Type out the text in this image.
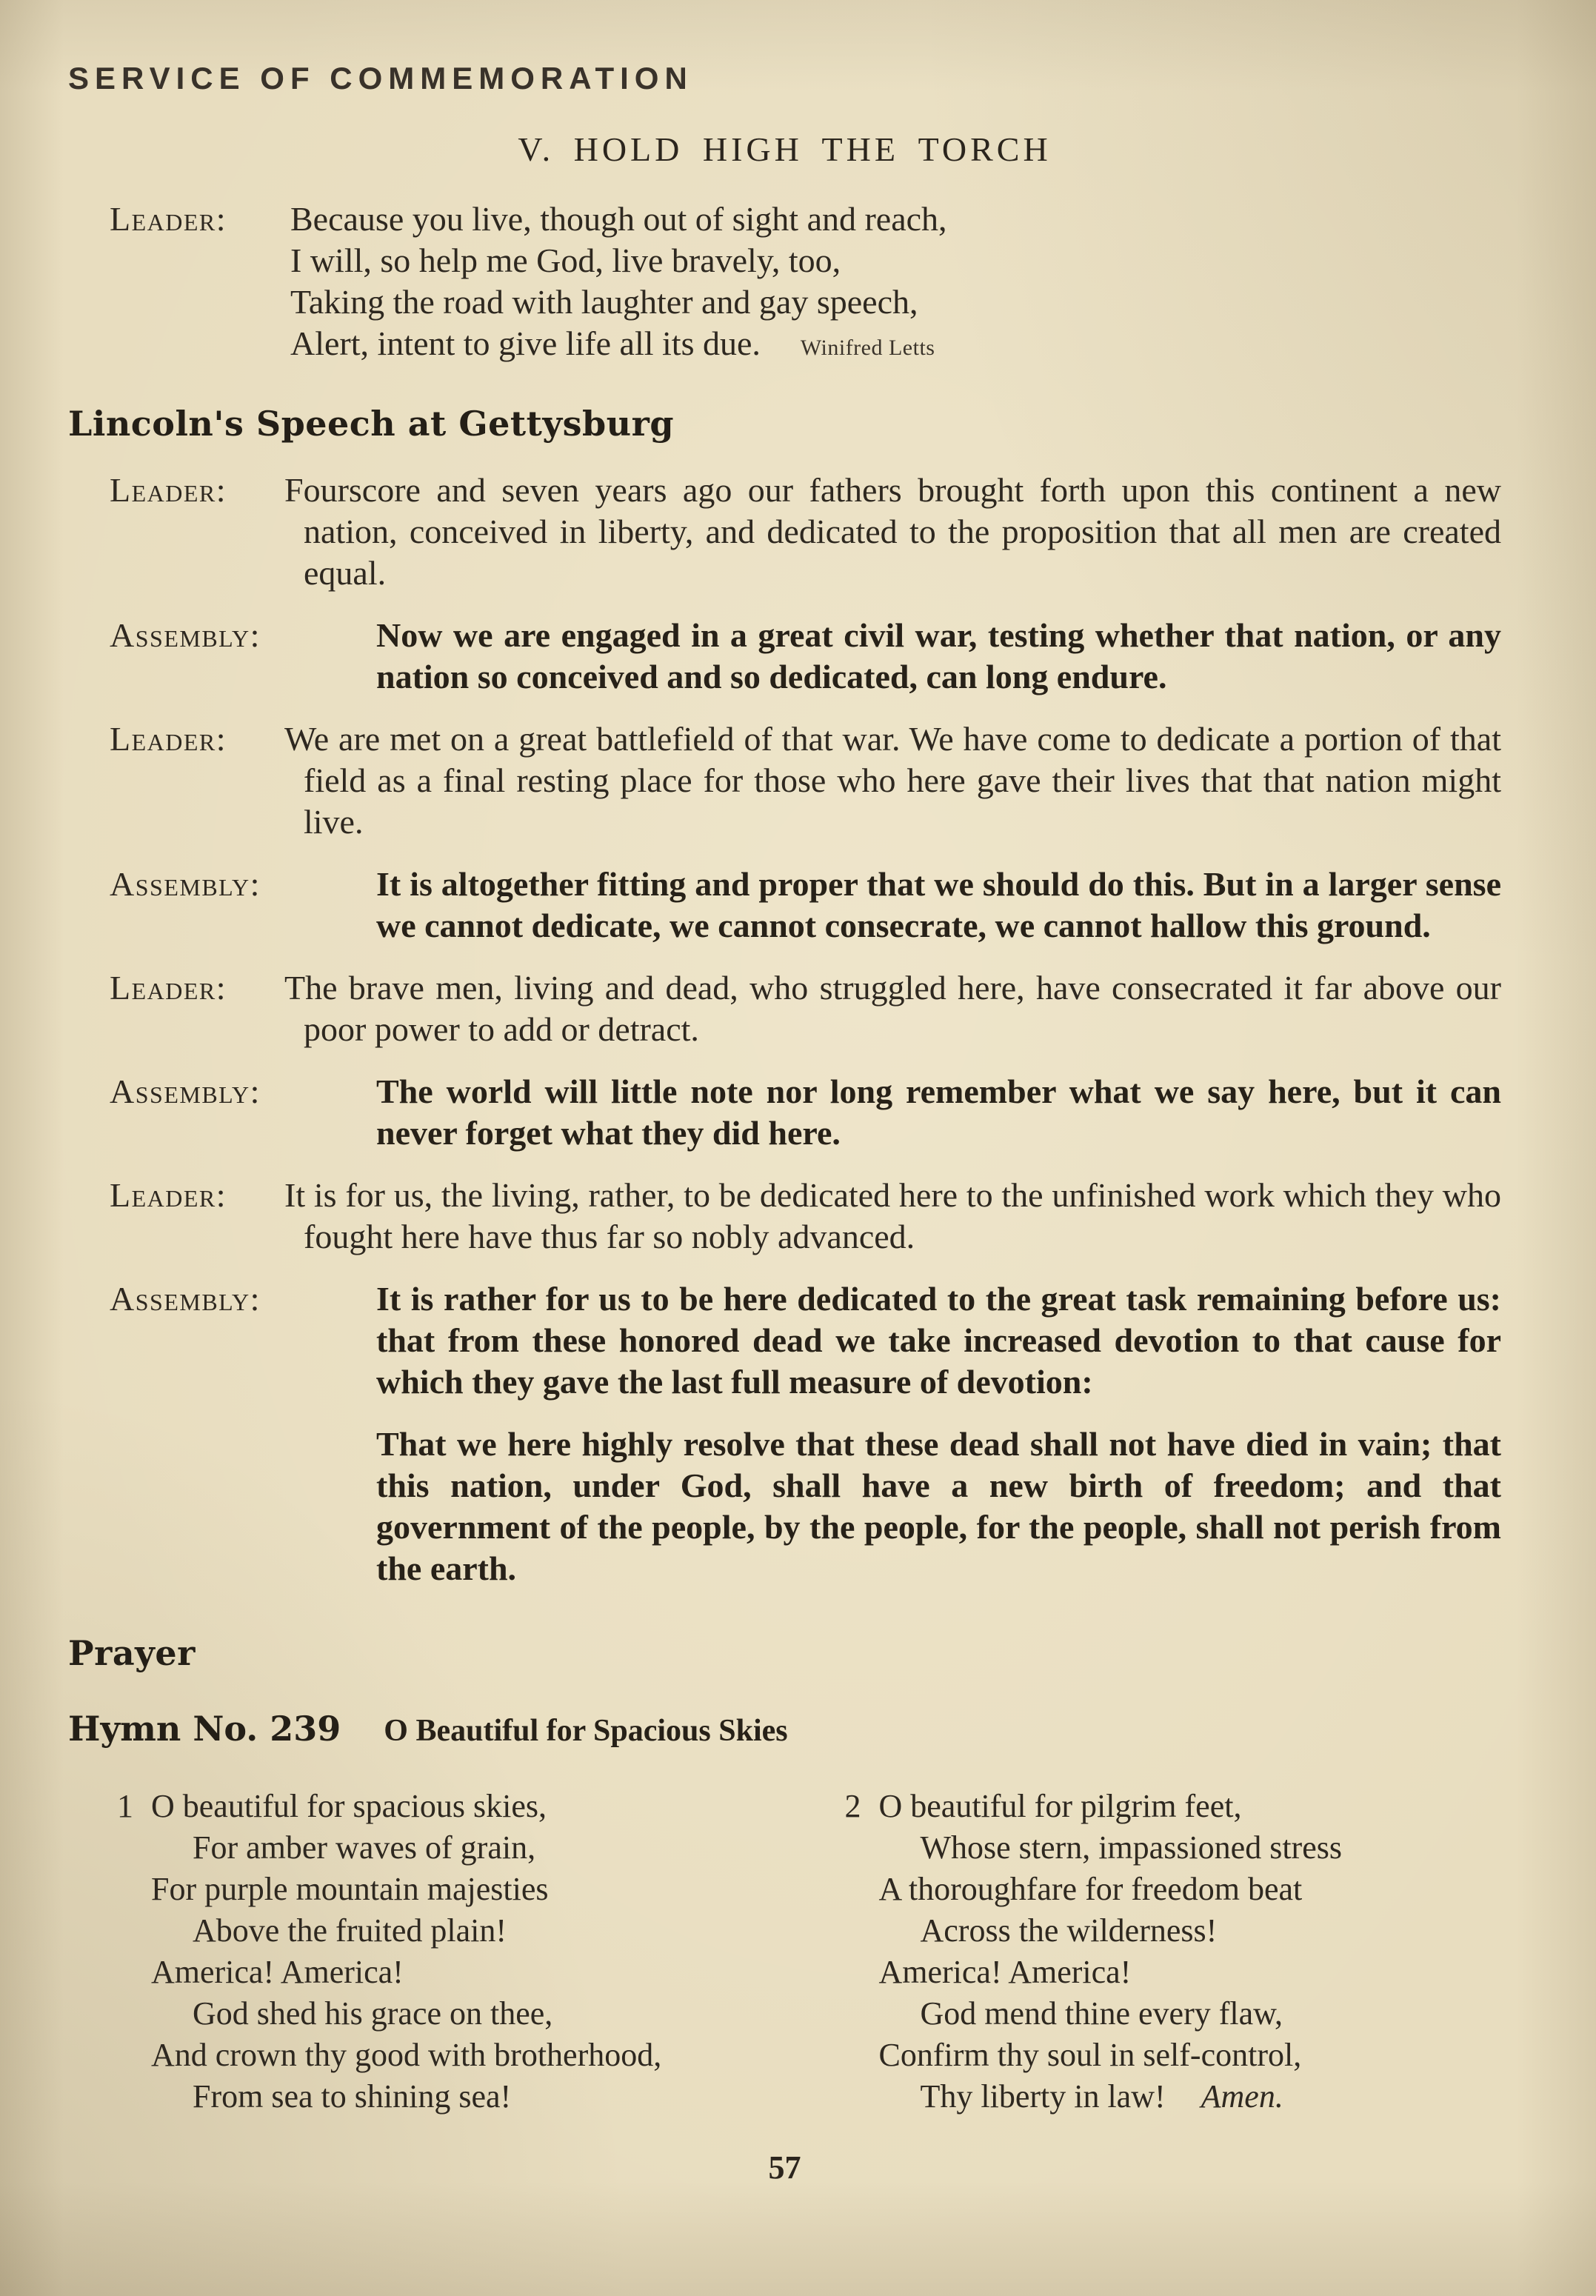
SERVICE OF COMMEMORATION
V. HOLD HIGH THE TORCH
Leader: Because you live, though out of sight and reach,
I will, so help me God, live bravely, too,
Taking the road with laughter and gay speech,
Alert, intent to give life all its due. Winifred Letts
Lincoln's Speech at Gettysburg

Leader: Fourscore and seven years ago our fathers brought forth upon this continent a new nation, conceived in liberty, and dedicated to the proposition that all men are created equal.

Assembly:	Now we are engaged in a great civil war, testing whether that nation, or any nation so conceived and so dedicated, can long endure.

Leader: We are met on a great battlefield of that war. We have come to dedicate a portion of that field as a final resting place for those who here gave their lives that that nation might live.

Assembly:	It is altogether fitting and proper that we should do this. But in a larger sense we cannot dedicate, we cannot consecrate, we cannot hallow this ground.

Leader: The brave men, living and dead, who struggled here, have consecrated it far above our poor power to add or detract.

Assembly:	The world will little note nor long remember what we say here, but it can never forget what they did here.

Leader: It is for us, the living, rather, to be dedicated here to the unfinished work which they who fought here have thus far so nobly advanced.

Assembly:	It is rather for us to be here dedicated to the great task remaining before us: that from these honored dead we take increased devotion to that cause for which they gave the last full measure of devotion:

That we here highly resolve that these dead shall not have died in vain; that this nation, under God, shall have a new birth of freedom; and that government of the people, by the people, for the people, shall not perish from the earth.

Prayer
Hymn No. 239 O Beautiful for Spacious Skies
1 O beautiful for spacious skies,
For amber waves of grain,
For purple mountain majesties
Above the fruited plain!
America! America!
God shed his grace on thee,
And crown thy good with brotherhood,
From sea to shining sea!
2 O beautiful for pilgrim feet,
Whose stern, impassioned stress
A thoroughfare for freedom beat
Across the wilderness!
America! America!
God mend thine every flaw,
Confirm thy soul in self-control,
Thy liberty in law! Amen.
57
